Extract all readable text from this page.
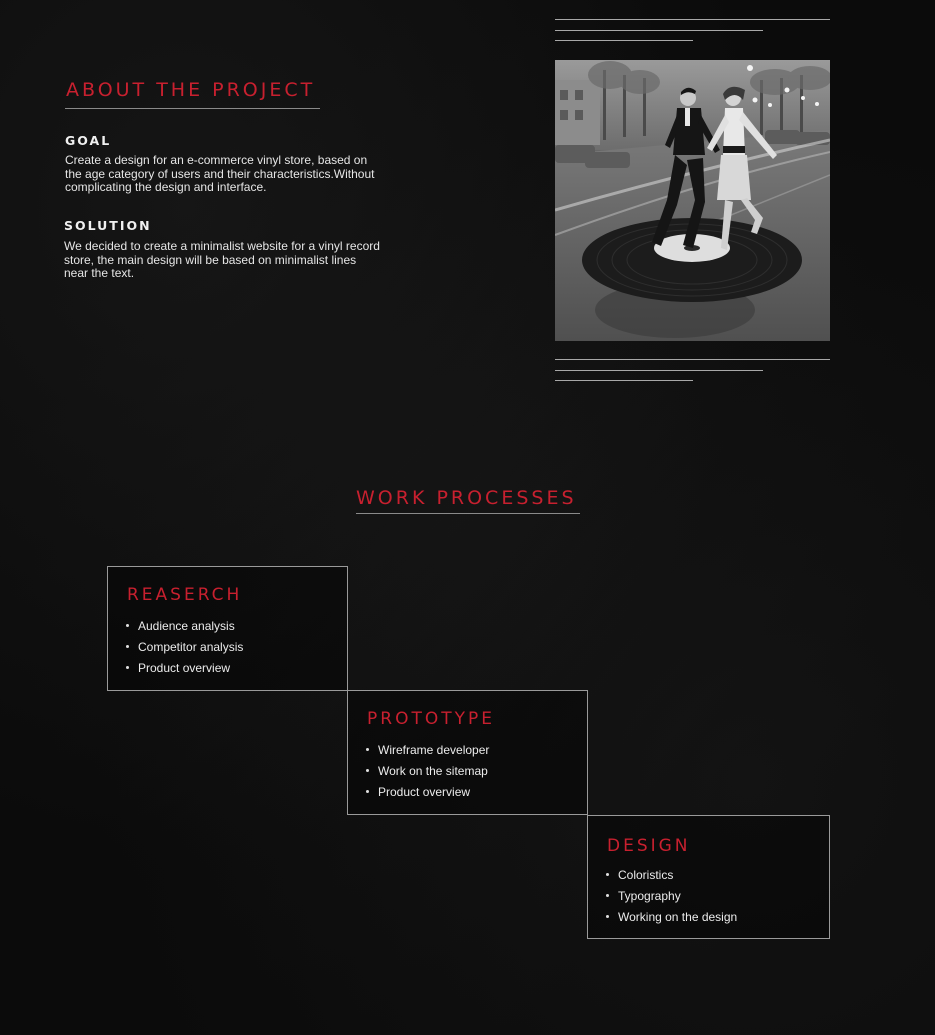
ABOUT THE PROJECT
GOAL

Create a design for an e-commerce vinyl store, based on the age category of users and their characteristics.Without complicating the design and interface.

SOLUTION

We decided to create a minimalist website for a vinyl record store, the main design will be based on minimalist lines near the text.

WORK PROCESSES
REASERCH
Audience analysis
Competitor analysis
Product overview
PROTOTYPE
Wireframe developer
Work on the sitemap
Product overview
DESIGN
Coloristics
Typography
Working on the design
